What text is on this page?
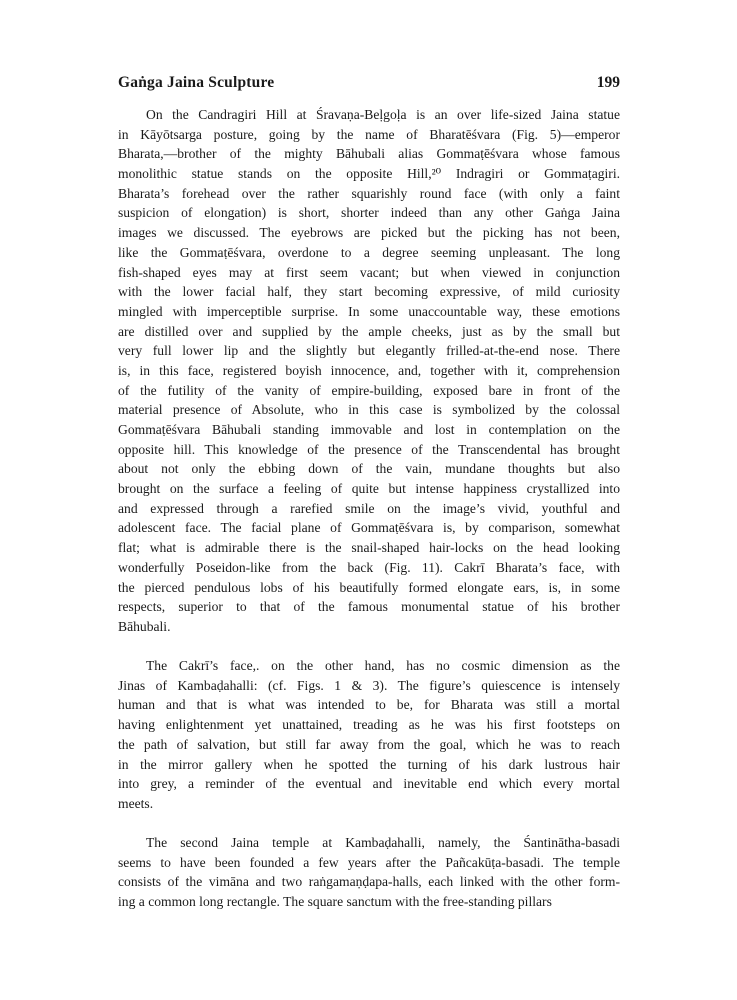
Gaṅga Jaina Sculpture	199
On the Candragiri Hill at Śravaṇa-Beḷgoḷa is an over life-sized Jaina statue
in Kāyōtsarga posture, going by the name of Bharatēśvara (Fig. 5)—emperor
Bharata,—brother of the mighty Bāhubali alias Gommaṭēśvara whose famous
monolithic statue stands on the opposite Hill,²⁰ Indragiri or Gommaṭagiri.
Bharata’s forehead over the rather squarishly round face (with only a faint
suspicion of elongation) is short, shorter indeed than any other Gaṅga Jaina
images we discussed. The eyebrows are picked but the picking has not been,
like the Gommaṭēśvara, overdone to a degree seeming unpleasant. The long
fish-shaped eyes may at first seem vacant; but when viewed in conjunction
with the lower facial half, they start becoming expressive, of mild curiosity
mingled with imperceptible surprise. In some unaccountable way, these emotions
are distilled over and supplied by the ample cheeks, just as by the small but
very full lower lip and the slightly but elegantly frilled-at-the-end nose. There
is, in this face, registered boyish innocence, and, together with it, comprehension
of the futility of the vanity of empire-building, exposed bare in front of the
material presence of Absolute, who in this case is symbolized by the colossal
Gommaṭēśvara Bāhubali standing immovable and lost in contemplation on the
opposite hill. This knowledge of the presence of the Transcendental has brought
about not only the ebbing down of the vain, mundane thoughts but also
brought on the surface a feeling of quite but intense happiness crystallized into
and expressed through a rarefied smile on the image’s vivid, youthful and
adolescent face. The facial plane of Gommaṭēśvara is, by comparison, somewhat
flat; what is admirable there is the snail-shaped hair-locks on the head looking
wonderfully Poseidon-like from the back (Fig. 11). Cakrī Bharata’s face, with
the pierced pendulous lobs of his beautifully formed elongate ears, is, in some
respects, superior to that of the famous monumental statue of his brother
Bāhubali.
The Cakrī’s face,. on the other hand, has no cosmic dimension as the
Jinas of Kambaḍahalli: (cf. Figs. 1 & 3). The figure’s quiescence is intensely
human and that is what was intended to be, for Bharata was still a mortal
having enlightenment yet unattained, treading as he was his first footsteps on
the path of salvation, but still far away from the goal, which he was to reach
in the mirror gallery when he spotted the turning of his dark lustrous hair
into grey, a reminder of the eventual and inevitable end which every mortal
meets.
The second Jaina temple at Kambaḍahalli, namely, the Śantinātha-basadi
seems to have been founded a few years after the Pañcakūṭa-basadi. The temple
consists of the vimāna and two raṅgamaṇḍapa-halls, each linked with the other form-
ing a common long rectangle. The square sanctum with the free-standing pillars
